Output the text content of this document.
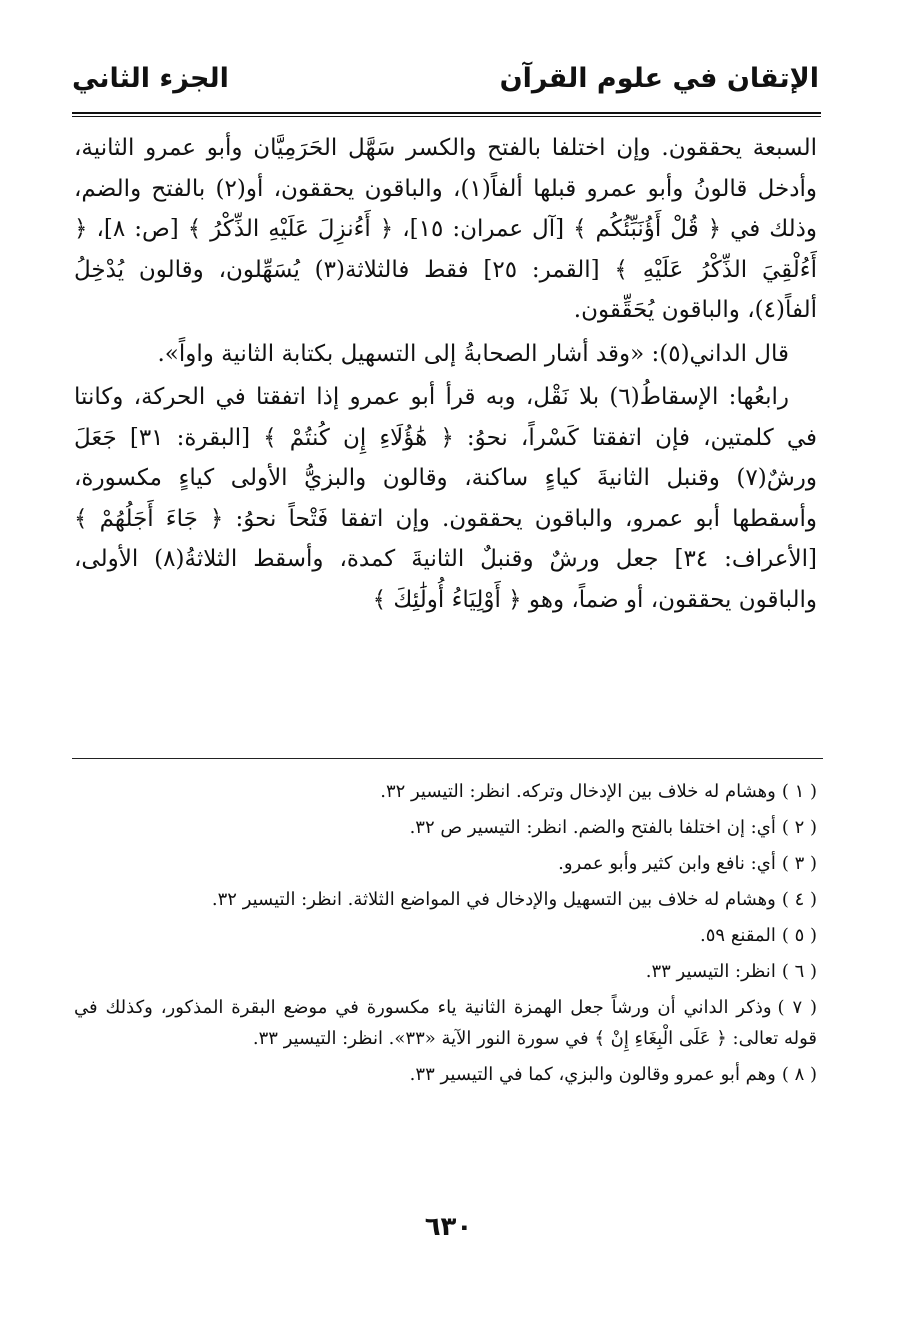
الإتقان في علوم القرآن
الجزء الثاني

السبعة يحققون. وإن اختلفا بالفتح والكسر سَهَّل الحَرَمِيَّان وأبو عمرو الثانية، وأدخل قالونُ وأبو عمرو قبلها ألفاً(١)، والباقون يحققون، أو(٢) بالفتح والضم، وذلك في ﴿ قُلْ أَؤُنَبِّئُكُم ﴾ [آل عمران: ١٥]، ﴿ أَءُنزِلَ عَلَيْهِ الذِّكْرُ ﴾ [ص: ٨]، ﴿ أَءُلْقِيَ الذِّكْرُ عَلَيْهِ ﴾ [القمر: ٢٥] فقط فالثلاثة(٣) يُسَهِّلون، وقالون يُدْخِلُ ألفاً(٤)، والباقون يُحَقِّقون.

قال الداني(٥): «وقد أشار الصحابةُ إلى التسهيل بكتابة الثانية واواً».

رابعُها: الإسقاطُ(٦) بلا نَقْل، وبه قرأ أبو عمرو إذا اتفقتا في الحركة، وكانتا في كلمتين، فإن اتفقتا كَسْراً، نحوُ: ﴿ هَٰؤُلَاءِ إِن كُنتُمْ ﴾ [البقرة: ٣١] جَعَلَ ورشٌ(٧) وقنبل الثانيةَ كياءٍ ساكنة، وقالون والبزيُّ الأولى كياءٍ مكسورة، وأسقطها أبو عمرو، والباقون يحققون. وإن اتفقا فَتْحاً نحوُ: ﴿ جَاءَ أَجَلُهُمْ ﴾ [الأعراف: ٣٤] جعل ورشٌ وقنبلٌ الثانيةَ كمدة، وأسقط الثلاثةُ(٨) الأولى، والباقون يحققون، أو ضماً، وهو ﴿ أَوْلِيَاءُ أُولَٰئِكَ ﴾

( ١ )وهشام له خلاف بين الإدخال وتركه. انظر: التيسير ٣٢.

( ٢ )أي: إن اختلفا بالفتح والضم. انظر: التيسير ص ٣٢.

( ٣ )أي: نافع وابن كثير وأبو عمرو.

( ٤ )وهشام له خلاف بين التسهيل والإدخال في المواضع الثلاثة. انظر: التيسير ٣٢.

( ٥ )المقنع ٥٩.

( ٦ )انظر: التيسير ٣٣.

( ٧ )وذكر الداني أن ورشاً جعل الهمزة الثانية ياء مكسورة في موضع البقرة المذكور، وكذلك في قوله تعالى: ﴿ عَلَى الْبِغَاءِ إِنْ ﴾ في سورة النور الآية «٣٣». انظر: التيسير ٣٣.

( ٨ )وهم أبو عمرو وقالون والبزي، كما في التيسير ٣٣.

٦٣٠
